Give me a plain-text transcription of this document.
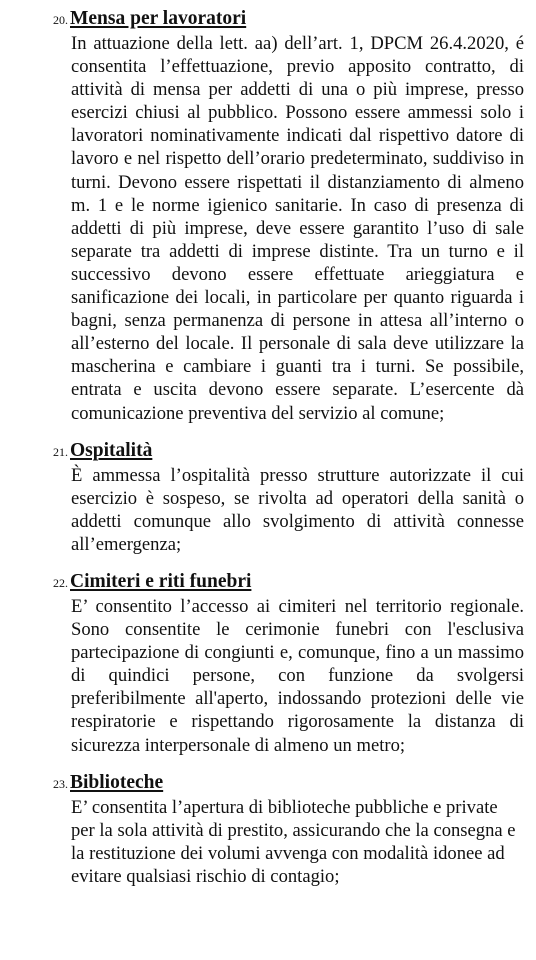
20. Mensa per lavoratori
In attuazione della lett. aa) dell’art. 1, DPCM 26.4.2020, é consentita l’effettuazione, previo apposito contratto, di attività di mensa per addetti di una o più imprese, presso esercizi chiusi al pubblico. Possono essere ammessi solo i lavoratori nominativamente indicati dal rispettivo datore di lavoro e nel rispetto dell’orario predeterminato, suddiviso in turni. Devono essere rispettati il distanziamento di almeno m. 1 e le norme igienico sanitarie. In caso di presenza di addetti di più imprese, deve essere garantito l’uso di sale separate tra addetti di imprese distinte. Tra un turno e il successivo devono essere effettuate arieggiatura e sanificazione dei locali, in particolare per quanto riguarda i bagni, senza permanenza di persone in attesa all’interno o all’esterno del locale. Il personale di sala deve utilizzare la mascherina e cambiare i guanti tra i turni. Se possibile, entrata e uscita devono essere separate. L’esercente dà comunicazione preventiva del servizio al comune;
21. Ospitalità
È ammessa l’ospitalità presso strutture autorizzate il cui esercizio è sospeso, se rivolta ad operatori della sanità o addetti comunque allo svolgimento di attività connesse all’emergenza;
22. Cimiteri e riti funebri
E’ consentito l’accesso ai cimiteri nel territorio regionale. Sono consentite le cerimonie funebri con l'esclusiva partecipazione di congiunti e, comunque, fino a un massimo di quindici persone, con funzione da svolgersi preferibilmente all'aperto, indossando protezioni delle vie respiratorie e rispettando rigorosamente la distanza di sicurezza interpersonale di almeno un metro;
23. Biblioteche
E’ consentita l’apertura di biblioteche pubbliche e private per la sola attività di prestito, assicurando che la consegna e la restituzione dei volumi avvenga con modalità idonee ad evitare qualsiasi rischio di contagio;
